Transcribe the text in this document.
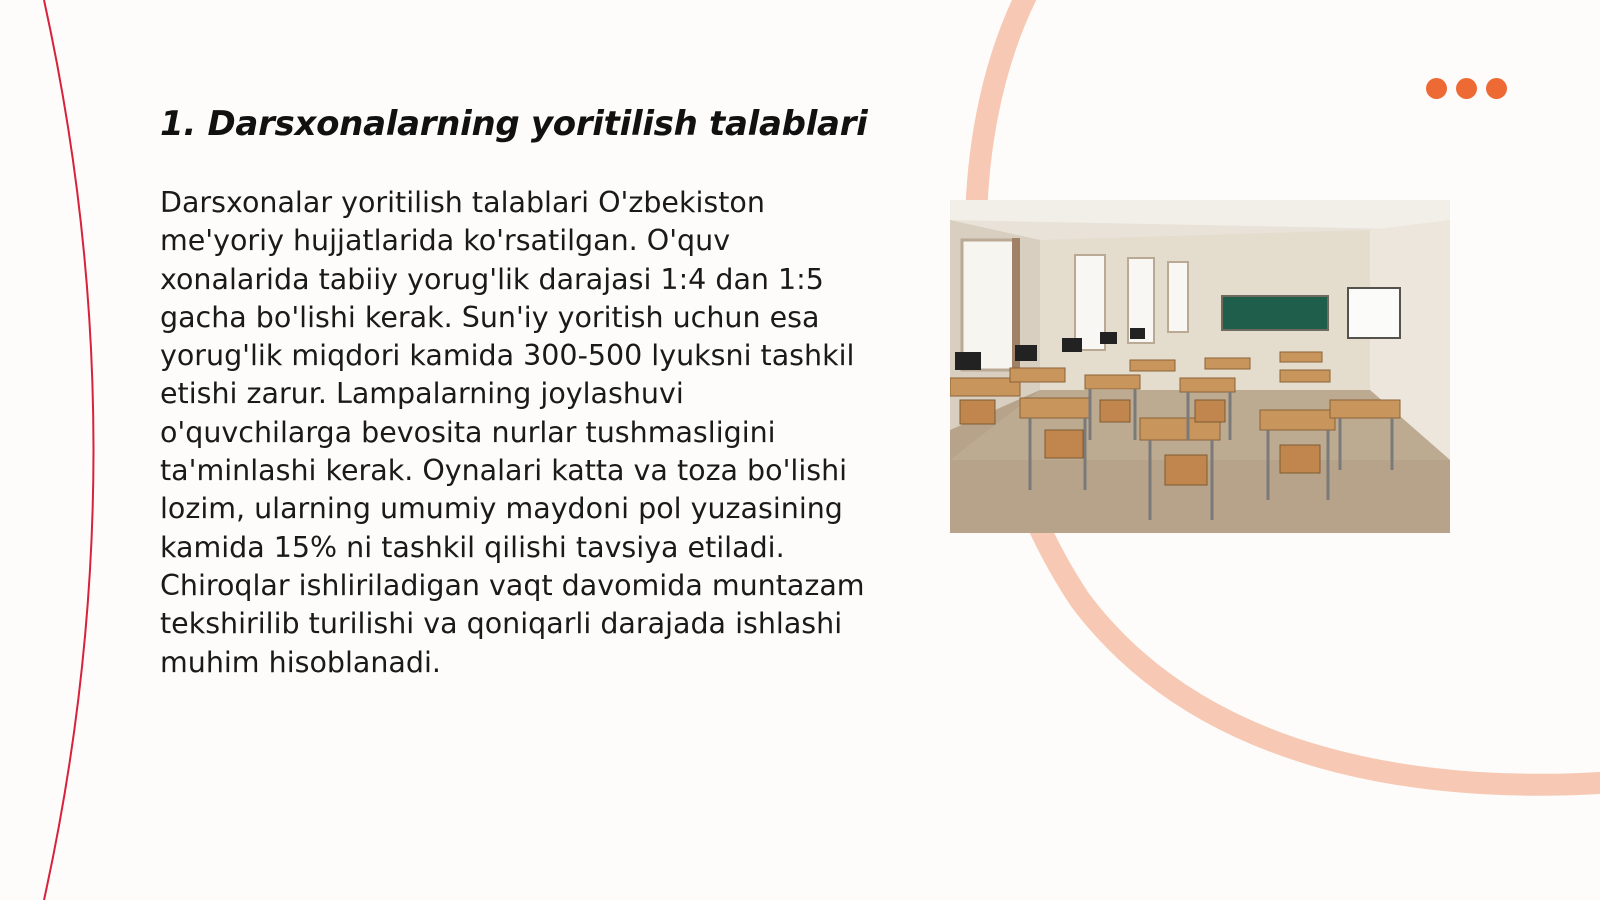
1. Darsxonalarning yoritilish talablari

Darsxonalar yoritilish talablari O'zbekiston me'yoriy hujjatlarida ko'rsatilgan. O'quv xonalarida tabiiy yorug'lik darajasi 1:4 dan 1:5 gacha bo'lishi kerak. Sun'iy yoritish uchun esa yorug'lik miqdori kamida 300-500 lyuksni tashkil etishi zarur. Lampalarning joylashuvi o'quvchilarga bevosita nurlar tushmasligini ta'minlashi kerak. Oynalari katta va toza bo'lishi lozim, ularning umumiy maydoni pol yuzasining kamida 15% ni tashkil qilishi tavsiya etiladi. Chiroqlar ishliriladigan vaqt davomida muntazam tekshirilib turilishi va qoniqarli darajada ishlashi muhim hisoblanadi.
